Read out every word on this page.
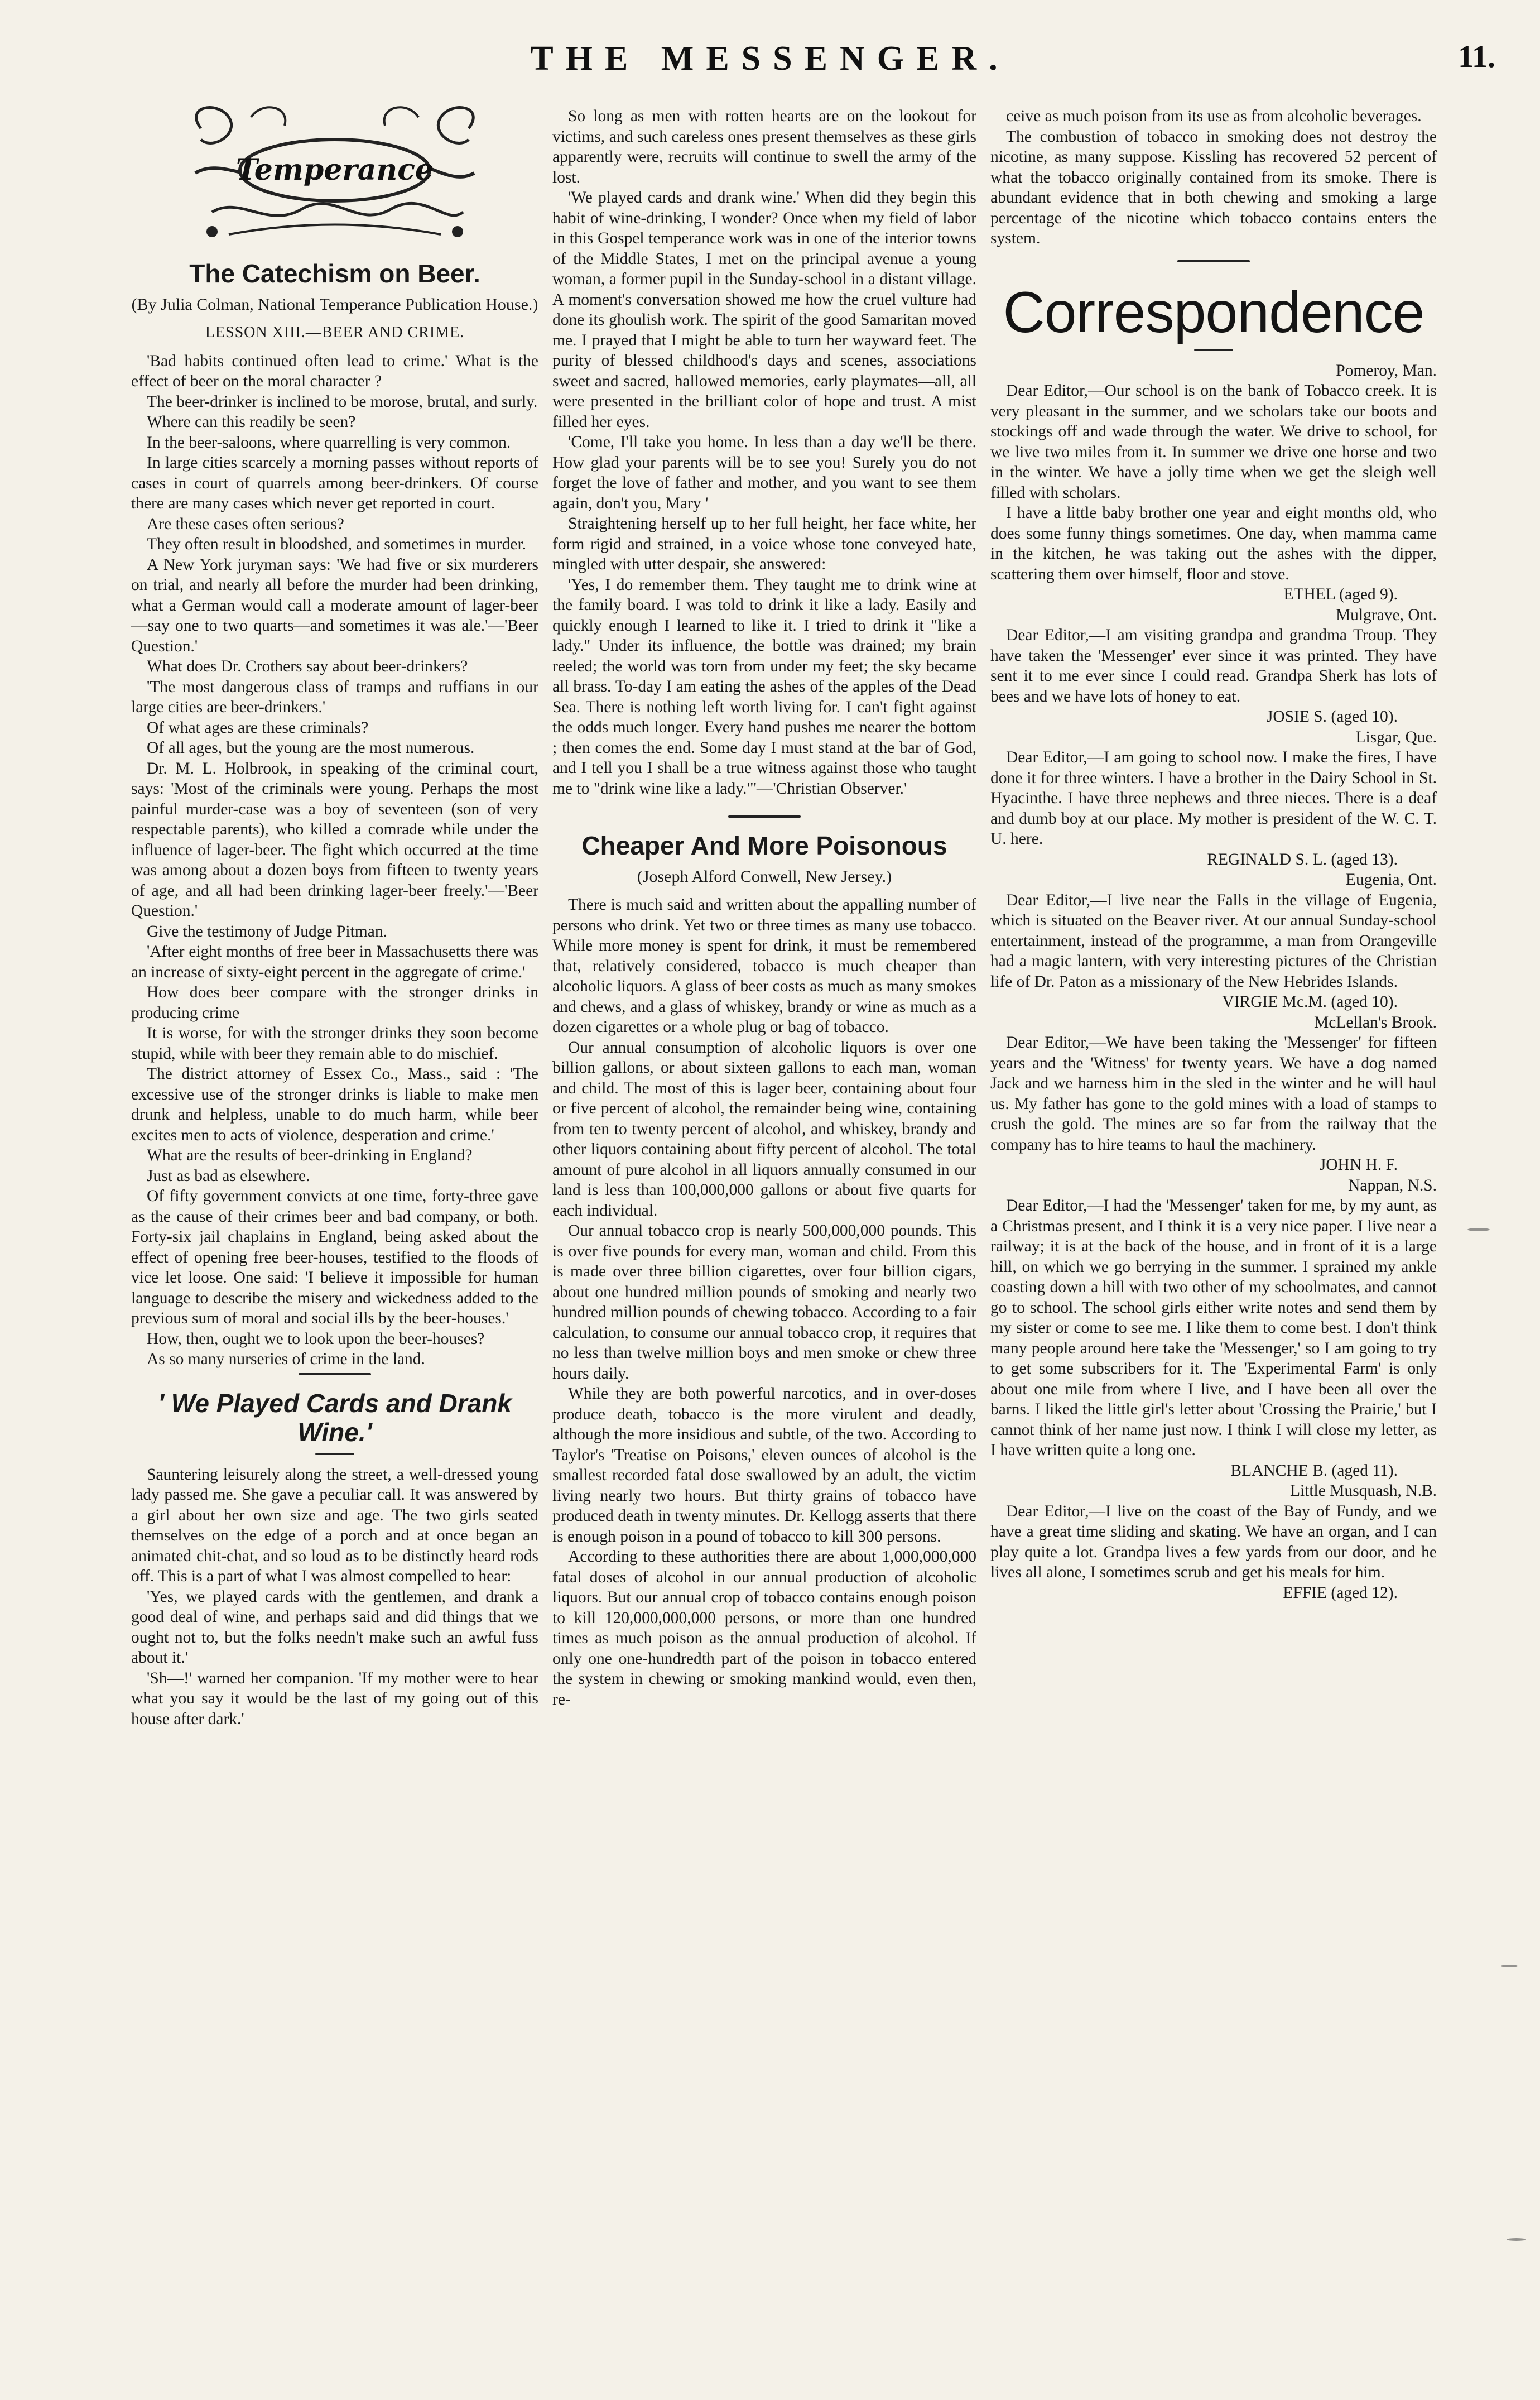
THE MESSENGER.	11.
Temperance
The Catechism on Beer.
(By Julia Colman, National Temperance Publication House.)
LESSON XIII.—BEER AND CRIME.

'Bad habits continued often lead to crime.' What is the effect of beer on the moral character ?

The beer-drinker is inclined to be morose, brutal, and surly.

Where can this readily be seen?

In the beer-saloons, where quarrelling is very common.

In large cities scarcely a morning passes without reports of cases in court of quarrels among beer-drinkers. Of course there are many cases which never get reported in court.

Are these cases often serious?

They often result in bloodshed, and sometimes in murder.

A New York juryman says: 'We had five or six murderers on trial, and nearly all before the murder had been drinking, what a German would call a moderate amount of lager-beer—say one to two quarts—and sometimes it was ale.'—'Beer Question.'

What does Dr. Crothers say about beer-drinkers?

'The most dangerous class of tramps and ruffians in our large cities are beer-drinkers.'

Of what ages are these criminals?

Of all ages, but the young are the most numerous.

Dr. M. L. Holbrook, in speaking of the criminal court, says: 'Most of the criminals were young. Perhaps the most painful murder-case was a boy of seventeen (son of very respectable parents), who killed a comrade while under the influence of lager-beer. The fight which occurred at the time was among about a dozen boys from fifteen to twenty years of age, and all had been drinking lager-beer freely.'—'Beer Question.'

Give the testimony of Judge Pitman.

'After eight months of free beer in Massachusetts there was an increase of sixty-eight percent in the aggregate of crime.'

How does beer compare with the stronger drinks in producing crime

It is worse, for with the stronger drinks they soon become stupid, while with beer they remain able to do mischief.

The district attorney of Essex Co., Mass., said : 'The excessive use of the stronger drinks is liable to make men drunk and helpless, unable to do much harm, while beer excites men to acts of violence, desperation and crime.'

What are the results of beer-drinking in England?

Just as bad as elsewhere.

Of fifty government convicts at one time, forty-three gave as the cause of their crimes beer and bad company, or both. Forty-six jail chaplains in England, being asked about the effect of opening free beer-houses, testified to the floods of vice let loose. One said: 'I believe it impossible for human language to describe the misery and wickedness added to the previous sum of moral and social ills by the beer-houses.'

How, then, ought we to look upon the beer-houses?

As so many nurseries of crime in the land.

' We Played Cards and Drank Wine.'

Sauntering leisurely along the street, a well-dressed young lady passed me. She gave a peculiar call. It was answered by a girl about her own size and age. The two girls seated themselves on the edge of a porch and at once began an animated chit-chat, and so loud as to be distinctly heard rods off. This is a part of what I was almost compelled to hear:

'Yes, we played cards with the gentlemen, and drank a good deal of wine, and perhaps said and did things that we ought not to, but the folks needn't make such an awful fuss about it.'

'Sh—!' warned her companion. 'If my mother were to hear what you say it would be the last of my going out of this house after dark.'

So long as men with rotten hearts are on the lookout for victims, and such careless ones present themselves as these girls apparently were, recruits will continue to swell the army of the lost.

'We played cards and drank wine.' When did they begin this habit of wine-drinking, I wonder? Once when my field of labor in this Gospel temperance work was in one of the interior towns of the Middle States, I met on the principal avenue a young woman, a former pupil in the Sunday-school in a distant village. A moment's conversation showed me how the cruel vulture had done its ghoulish work. The spirit of the good Samaritan moved me. I prayed that I might be able to turn her wayward feet. The purity of blessed childhood's days and scenes, associations sweet and sacred, hallowed memories, early playmates—all, all were presented in the brilliant color of hope and trust. A mist filled her eyes.

'Come, I'll take you home. In less than a day we'll be there. How glad your parents will be to see you! Surely you do not forget the love of father and mother, and you want to see them again, don't you, Mary '

Straightening herself up to her full height, her face white, her form rigid and strained, in a voice whose tone conveyed hate, mingled with utter despair, she answered:

'Yes, I do remember them. They taught me to drink wine at the family board. I was told to drink it like a lady. Easily and quickly enough I learned to like it. I tried to drink it "like a lady." Under its influence, the bottle was drained; my brain reeled; the world was torn from under my feet; the sky became all brass. To-day I am eating the ashes of the apples of the Dead Sea. There is nothing left worth living for. I can't fight against the odds much longer. Every hand pushes me nearer the bottom ; then comes the end. Some day I must stand at the bar of God, and I tell you I shall be a true witness against those who taught me to "drink wine like a lady."'—'Christian Observer.'

Cheaper And More Poisonous
(Joseph Alford Conwell, New Jersey.)

There is much said and written about the appalling number of persons who drink. Yet two or three times as many use tobacco. While more money is spent for drink, it must be remembered that, relatively considered, tobacco is much cheaper than alcoholic liquors. A glass of beer costs as much as many smokes and chews, and a glass of whiskey, brandy or wine as much as a dozen cigarettes or a whole plug or bag of tobacco.

Our annual consumption of alcoholic liquors is over one billion gallons, or about sixteen gallons to each man, woman and child. The most of this is lager beer, containing about four or five percent of alcohol, the remainder being wine, containing from ten to twenty percent of alcohol, and whiskey, brandy and other liquors containing about fifty percent of alcohol. The total amount of pure alcohol in all liquors annually consumed in our land is less than 100,000,000 gallons or about five quarts for each individual.

Our annual tobacco crop is nearly 500,000,000 pounds. This is over five pounds for every man, woman and child. From this is made over three billion cigarettes, over four billion cigars, about one hundred million pounds of smoking and nearly two hundred million pounds of chewing tobacco. According to a fair calculation, to consume our annual tobacco crop, it requires that no less than twelve million boys and men smoke or chew three hours daily.

While they are both powerful narcotics, and in over-doses produce death, tobacco is the more virulent and deadly, although the more insidious and subtle, of the two. According to Taylor's 'Treatise on Poisons,' eleven ounces of alcohol is the smallest recorded fatal dose swallowed by an adult, the victim living nearly two hours. But thirty grains of tobacco have produced death in twenty minutes. Dr. Kellogg asserts that there is enough poison in a pound of tobacco to kill 300 persons.

According to these authorities there are about 1,000,000,000 fatal doses of alcohol in our annual production of alcoholic liquors. But our annual crop of tobacco contains enough poison to kill 120,000,000,000 persons, or more than one hundred times as much poison as the annual production of alcohol. If only one one-hundredth part of the poison in tobacco entered the system in chewing or smoking mankind would, even then, re-

ceive as much poison from its use as from alcoholic beverages.

The combustion of tobacco in smoking does not destroy the nicotine, as many suppose. Kissling has recovered 52 percent of what the tobacco originally contained from its smoke. There is abundant evidence that in both chewing and smoking a large percentage of the nicotine which tobacco contains enters the system.

Correspondence

Pomeroy, Man.

Dear Editor,—Our school is on the bank of Tobacco creek. It is very pleasant in the summer, and we scholars take our boots and stockings off and wade through the water. We drive to school, for we live two miles from it. In summer we drive one horse and two in the winter. We have a jolly time when we get the sleigh well filled with scholars.

I have a little baby brother one year and eight months old, who does some funny things sometimes. One day, when mamma came in the kitchen, he was taking out the ashes with the dipper, scattering them over himself, floor and stove.

ETHEL (aged 9).

Mulgrave, Ont.

Dear Editor,—I am visiting grandpa and grandma Troup. They have taken the 'Messenger' ever since it was printed. They have sent it to me ever since I could read. Grandpa Sherk has lots of bees and we have lots of honey to eat.

JOSIE S. (aged 10).

Lisgar, Que.

Dear Editor,—I am going to school now. I make the fires, I have done it for three winters. I have a brother in the Dairy School in St. Hyacinthe. I have three nephews and three nieces. There is a deaf and dumb boy at our place. My mother is president of the W. C. T. U. here.

REGINALD S. L. (aged 13).

Eugenia, Ont.

Dear Editor,—I live near the Falls in the village of Eugenia, which is situated on the Beaver river. At our annual Sunday-school entertainment, instead of the programme, a man from Orangeville had a magic lantern, with very interesting pictures of the Christian life of Dr. Paton as a missionary of the New Hebrides Islands.

VIRGIE Mc.M. (aged 10).

McLellan's Brook.

Dear Editor,—We have been taking the 'Messenger' for fifteen years and the 'Witness' for twenty years. We have a dog named Jack and we harness him in the sled in the winter and he will haul us. My father has gone to the gold mines with a load of stamps to crush the gold. The mines are so far from the railway that the company has to hire teams to haul the machinery.

JOHN H. F.

Nappan, N.S.

Dear Editor,—I had the 'Messenger' taken for me, by my aunt, as a Christmas present, and I think it is a very nice paper. I live near a railway; it is at the back of the house, and in front of it is a large hill, on which we go berrying in the summer. I sprained my ankle coasting down a hill with two other of my schoolmates, and cannot go to school. The school girls either write notes and send them by my sister or come to see me. I like them to come best. I don't think many people around here take the 'Messenger,' so I am going to try to get some subscribers for it. The 'Experimental Farm' is only about one mile from where I live, and I have been all over the barns. I liked the little girl's letter about 'Crossing the Prairie,' but I cannot think of her name just now. I think I will close my letter, as I have written quite a long one.

BLANCHE B. (aged 11).

Little Musquash, N.B.

Dear Editor,—I live on the coast of the Bay of Fundy, and we have a great time sliding and skating. We have an organ, and I can play quite a lot. Grandpa lives a few yards from our door, and he lives all alone, I sometimes scrub and get his meals for him.

EFFIE (aged 12).
